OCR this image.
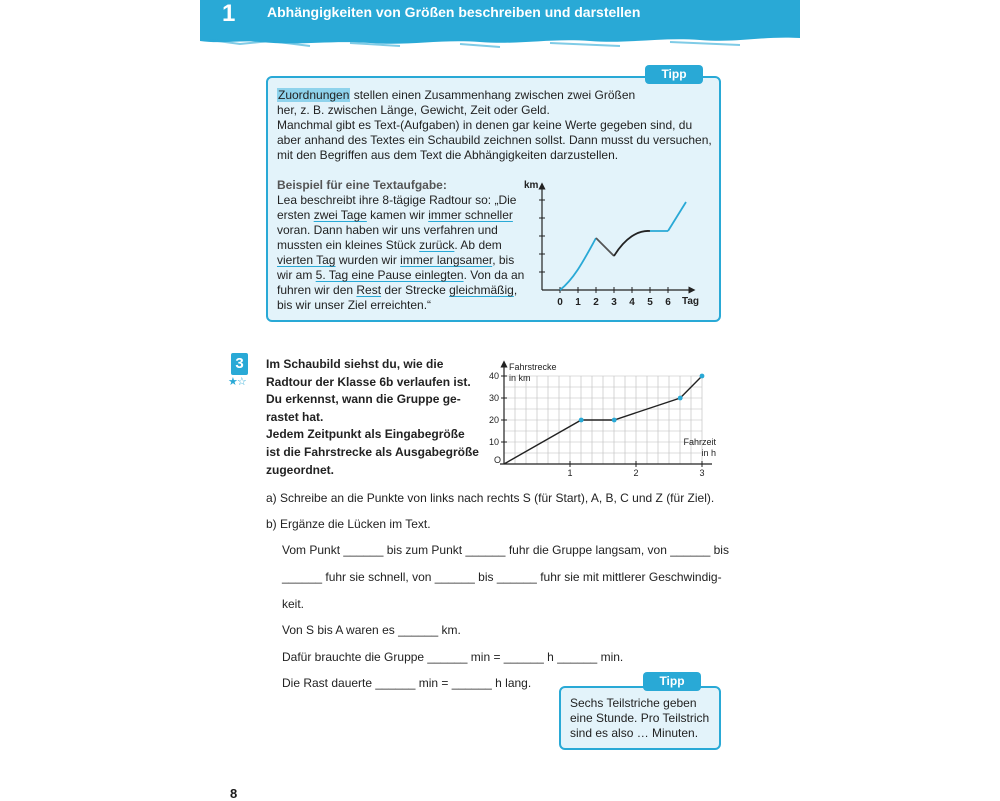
1 Abhängigkeiten von Größen beschreiben und darstellen
Tipp
Zuordnungen stellen einen Zusammenhang zwischen zwei Größen
her, z. B. zwischen Länge, Gewicht, Zeit oder Geld.
Manchmal gibt es Text-(Aufgaben) in denen gar keine Werte gegeben sind, du
aber anhand des Textes ein Schaubild zeichnen sollst. Dann musst du versuchen,
mit den Begriffen aus dem Text die Abhängigkeiten darzustellen.
Beispiel für eine Textaufgabe:
Lea beschreibt ihre 8-tägige Radtour so: „Die
ersten zwei Tage kamen wir immer schneller
voran. Dann haben wir uns verfahren und
mussten ein kleines Stück zurück. Ab dem
vierten Tag wurden wir immer langsamer, bis
wir am 5. Tag eine Pause einlegten. Von da an
fuhren wir den Rest der Strecke gleichmäßig,
bis wir unser Ziel erreichten.“
km
0 1 2 3 4 5 6 Tag
3
★☆
Im Schaubild siehst du, wie die
Radtour der Klasse 6b verlaufen ist.
Du erkennst, wann die Gruppe ge-
rastet hat.
Jedem Zeitpunkt als Eingabegröße
ist die Fahrstrecke als Ausgabegröße
zugeordnet.
10
20
30
40
1	2	3
O
Fahrstrecke
in km
Fahrzeit
in h
a) Schreibe an die Punkte von links nach rechts S (für Start), A, B, C und Z (für Ziel).
b) Ergänze die Lücken im Text.
Vom Punkt ______ bis zum Punkt ______ fuhr die Gruppe langsam, von ______ bis
______ fuhr sie schnell, von ______ bis ______ fuhr sie mit mittlerer Geschwindig-
keit.
Von S bis A waren es ______ km.
Dafür brauchte die Gruppe ______ min = ______ h ______ min.
Die Rast dauerte ______ min = ______ h lang.	Tipp
Sechs Teilstriche geben
eine Stunde. Pro Teilstrich
sind es also … Minuten.
8
